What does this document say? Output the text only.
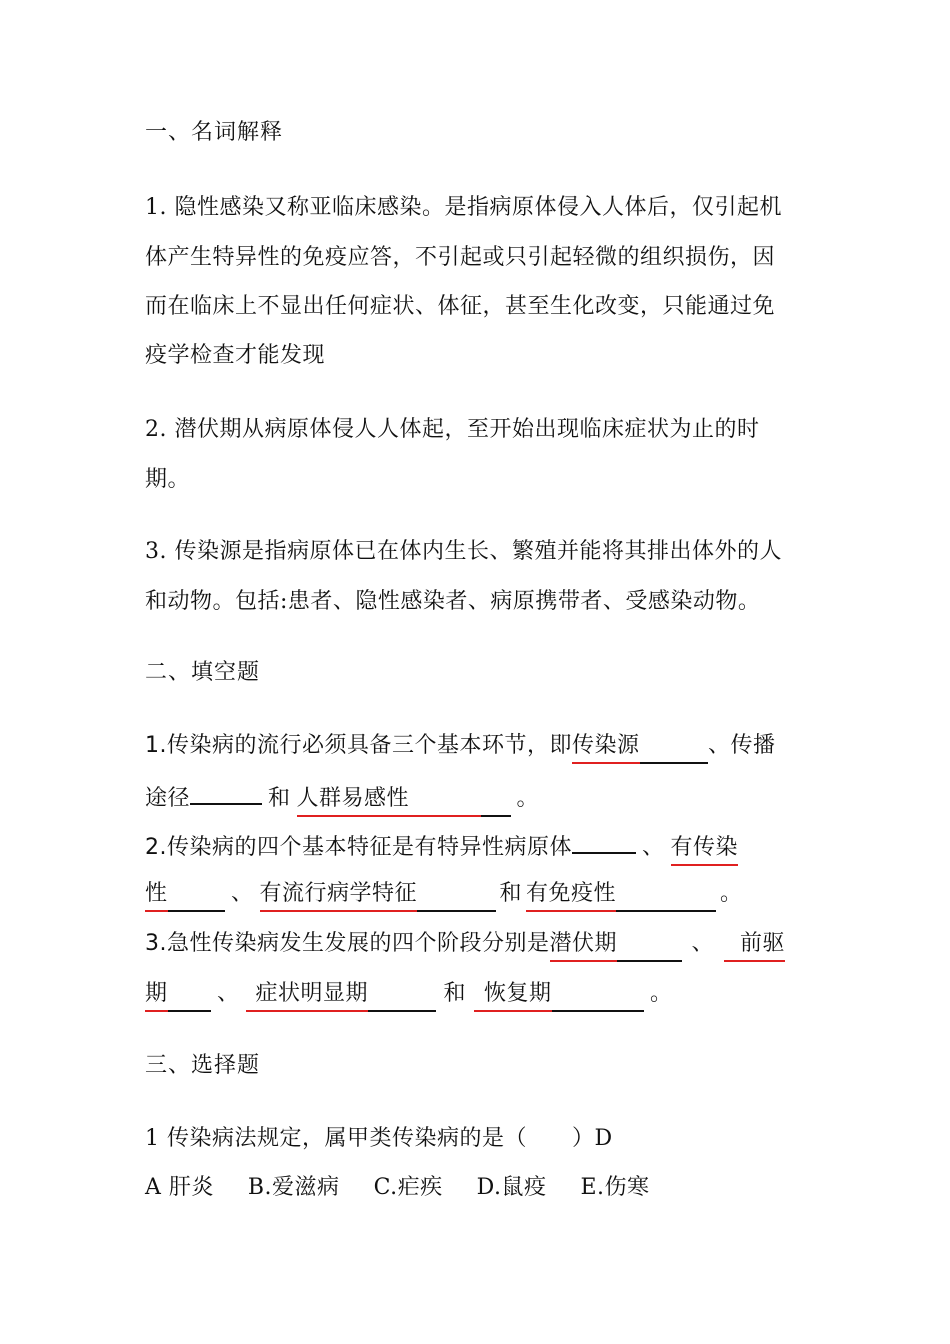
一、名词解释
1. 隐性感染又称亚临床感染。是指病原体侵入人体后，仅引起机
体产生特异性的免疫应答，不引起或只引起轻微的组织损伤，因
而在临床上不显出任何症状、体征，甚至生化改变，只能通过免
疫学检查才能发现
2. 潜伏期从病原体侵人人体起，至开始出现临床症状为止的时
期。
3. 传染源是指病原体已在体内生长、繁殖并能将其排出体外的人
和动物。包括:患者、隐性感染者、病原携带者、受感染动物。
二、填空题
1.传染病的流行必须具备三个基本环节，即传染源	、传播
途径	和 人群易感性	。
2.传染病的四个基本特征是有特异性病原体	、 有传染
性	、 有流行病学特征	和 有免疫性	。
3.急性传染病发生发展的四个阶段分别是潜伏期	、 前驱
期 、 症状明显期	和 恢复期	。
三、选择题
1 传染病法规定，属甲类传染病的是（　　）D
A 肝炎 B.爱滋病 C.疟疾 D.鼠疫 E.伤寒
